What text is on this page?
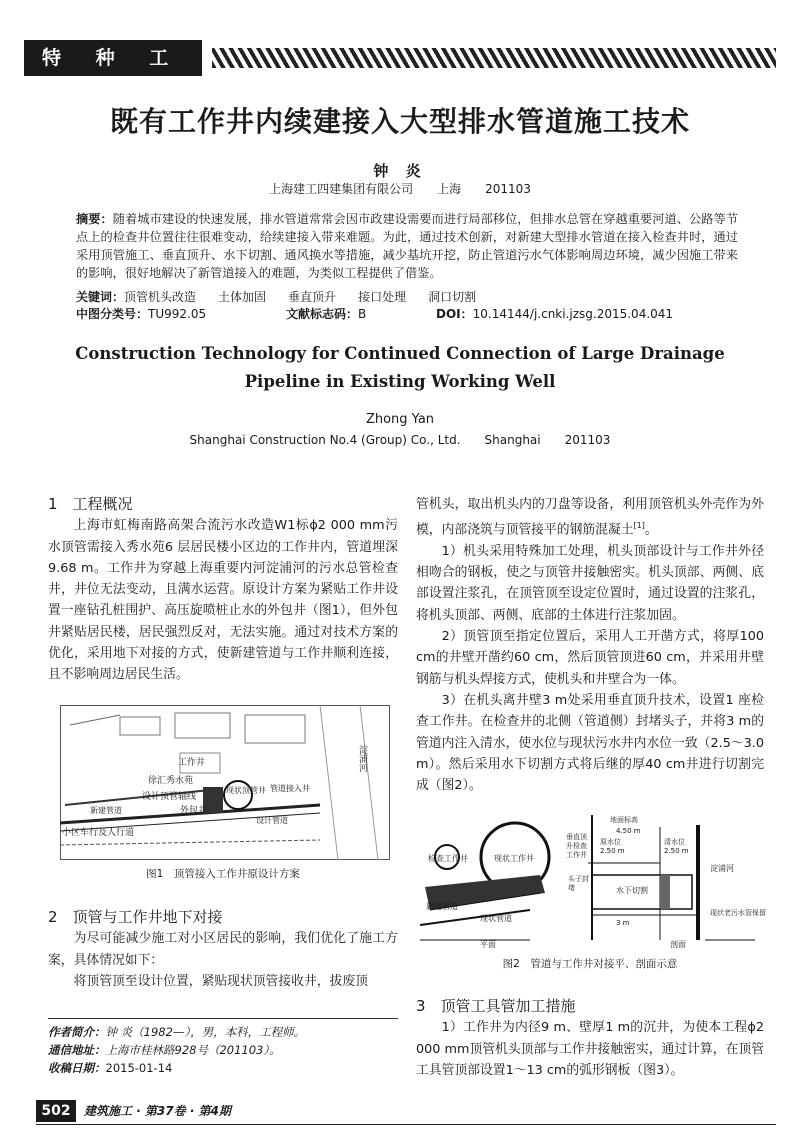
特 种 工 程
既有工作井内续建接入大型排水管道施工技术
钟 炎
上海建工四建集团有限公司　　上海　　201103
摘要：随着城市建设的快速发展，排水管道常常会因市政建设需要而进行局部移位，但排水总管在穿越重要河道、公路等节点上的检查井位置往往很难变动，给续建接入带来难题。为此，通过技术创新，对新建大型排水管道在接入检查井时，通过采用顶管施工、垂直顶升、水下切割、通风换水等措施，减少基坑开挖，防止管道污水气体影响周边环境，减少因施工带来的影响，很好地解决了新管道接入的难题，为类似工程提供了借鉴。
关键词：顶管机头改造 土体加固 垂直顶升 接口处理 洞口切割
中图分类号：TU992.05	文献标志码：B	DOI：10.14144/j.cnki.jzsg.2015.04.041
Construction Technology for Continued Connection of Large Drainage
Pipeline in Existing Working Well
Zhong Yan
Shanghai Construction No.4 (Group) Co., Ltd.　　Shanghai　　201103
1　工程概况

上海市虹梅南路高架合流污水改造W1标ϕ2 000 mm污水顶管需接入秀水苑6 层居民楼小区边的工作井内，管道埋深9.68 m。工作井为穿越上海重要内河淀浦河的污水总管检查井，井位无法变动，且满水运营。原设计方案为紧贴工作井设置一座钻孔桩围护、高压旋喷桩止水的外包井（图1），但外包井紧贴居民楼，居民强烈反对，无法实施。通过对技术方案的优化，采用地下对接的方式，使新建管道与工作井顺利连接，且不影响周边居民生活。

工作井
徐汇秀水苑
设计顶管轴线
外包井
现状顶管井
小区车行及人行道
淀浦河
新建管道
设计管道
管道接入井
图1　顶管接入工作井原设计方案
2　顶管与工作井地下对接

为尽可能减少施工对小区居民的影响，我们优化了施工方案，具体情况如下：

将顶管顶至设计位置，紧贴现状顶管接收井，拔废顶

作者简介：钟 炎（1982—），男，本科，工程师。
通信地址：上海市桂林路928号（201103）。
收稿日期：2015-01-14

管机头，取出机头内的刀盘等设备，利用顶管机头外壳作为外模，内部浇筑与顶管接平的钢筋混凝土[1]。

1）机头采用特殊加工处理，机头顶部设计与工作井外径相吻合的钢板，使之与顶管井接触密实。机头顶部、两侧、底部设置注浆孔，在顶管顶至设定位置时，通过设置的注浆孔，将机头顶部、两侧、底部的土体进行注浆加固。

2）顶管顶至指定位置后，采用人工开凿方式，将厚100 cm的井壁开凿约60 cm，然后顶管顶进60 cm，并采用井壁钢筋与机头焊接方式，使机头和井壁合为一体。

3）在机头离井壁3 m处采用垂直顶升技术，设置1 座检查工作井。在检查井的北侧（管道侧）封堵头子，并将3 m的管道内注入清水，使水位与现状污水井内水位一致（2.5～3.0 m）。然后采用水下切割方式将后继的厚40 cm井进行切割完成（图2）。

检查工作井	现状工作井
新建管道
现状管道
平面
地面标高
4.50 m
垂直顶升检查工作井
原水位
2.50 m
清水位
2.50 m
头子封堵	水下切割
3 m
淀浦河
现状老污水管保留
剖面
图2　管道与工作井对接平、剖面示意
3　顶管工具管加工措施

1）工作井为内径9 m、壁厚1 m的沉井，为使本工程ϕ2 000 mm顶管机头顶部与工作井接触密实，通过计算，在顶管工具管顶部设置1～13 cm的弧形钢板（图3）。

502	建筑施工 · 第37卷 · 第4期
